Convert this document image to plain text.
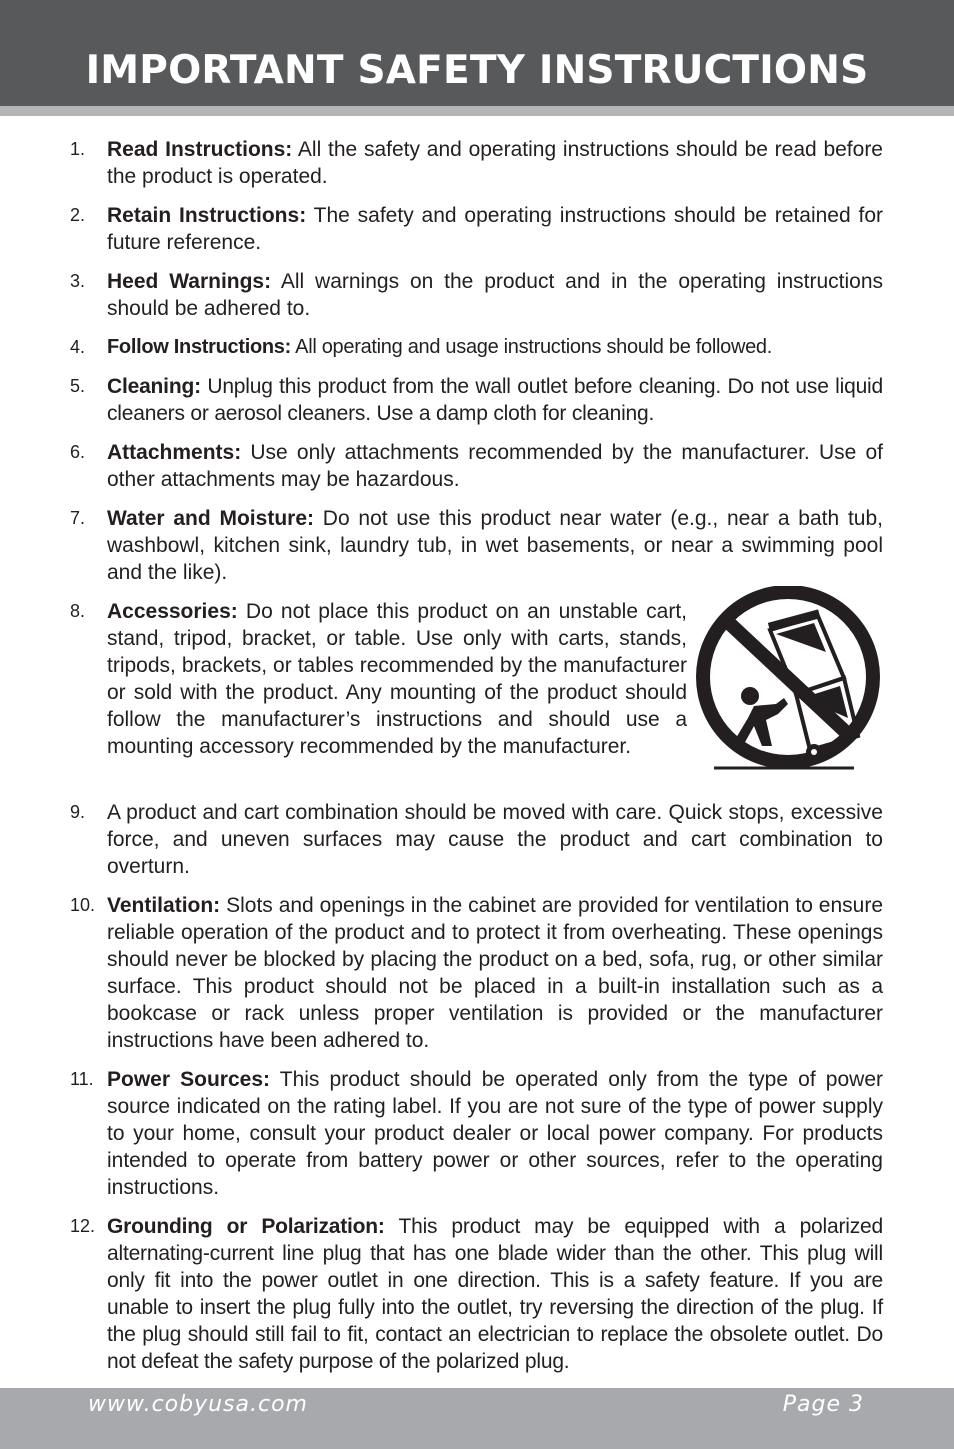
IMPORTANT SAFETY INSTRUCTIONS
1. Read Instructions: All the safety and operating instructions should be read before the product is operated.
2. Retain Instructions: The safety and operating instructions should be retained for future reference.
3. Heed Warnings: All warnings on the product and in the operating instructions should be adhered to.
4. Follow Instructions: All operating and usage instructions should be followed.
5. Cleaning: Unplug this product from the wall outlet before cleaning. Do not use liquid cleaners or aerosol cleaners. Use a damp cloth for cleaning.
6. Attachments: Use only attachments recommended by the manufacturer. Use of other attachments may be hazardous.
7. Water and Moisture: Do not use this product near water (e.g., near a bath tub, washbowl, kitchen sink, laundry tub, in wet basements, or near a swimming pool and the like).
8. Accessories: Do not place this product on an unstable cart, stand, tripod, bracket, or table. Use only with carts, stands, tripods, brackets, or tables recommended by the manufacturer or sold with the product. Any mounting of the product should follow the manufacturer’s instructions and should use a mounting accessory recommended by the manufacturer.
9. A product and cart combination should be moved with care. Quick stops, excessive force, and uneven surfaces may cause the product and cart combination to overturn.
10. Ventilation: Slots and openings in the cabinet are provided for ventilation to ensure reliable operation of the product and to protect it from overheating. These openings should never be blocked by placing the product on a bed, sofa, rug, or other similar surface. This product should not be placed in a built-in installation such as a bookcase or rack unless proper ventilation is provided or the manufacturer instructions have been adhered to.
11. Power Sources: This product should be operated only from the type of power source indicated on the rating label. If you are not sure of the type of power supply to your home, consult your product dealer or local power company. For products intended to operate from battery power or other sources, refer to the operating instructions.
12. Grounding or Polarization: This product may be equipped with a polarized alternating-current line plug that has one blade wider than the other. This plug will only fit into the power outlet in one direction. This is a safety feature. If you are unable to insert the plug fully into the outlet, try reversing the direction of the plug. If the plug should still fail to fit, contact an electrician to replace the obsolete outlet. Do not defeat the safety purpose of the polarized plug.
www.cobyusa.com	Page 3
